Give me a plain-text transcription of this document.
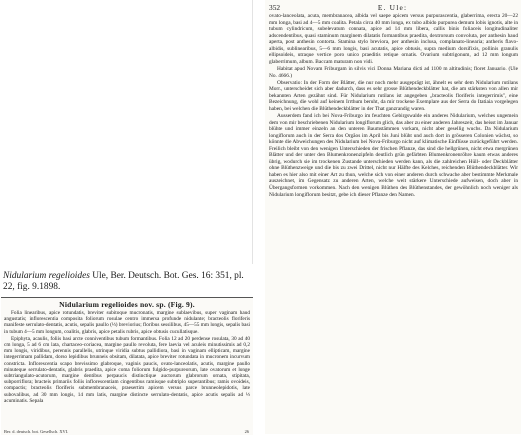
Nidularium regelioides Ule, Ber. Deutsch. Bot. Ges. 16: 351, pl. 22, fig. 9.1898.
Nidularium regelioides nov. sp. (Fig. 9).

Folia linearibus, apice rotundatis, breviter subitoque mucronatis, margine sublaevibus, super vaginam haud angustatis; inflorescentia composita foliorum rosulae centro immersa profunde nidulante; bracteolis floriferis manifeste serrulato-dentatis, acutis, sepalis paullo (⅓) breviorius; floribus sessilibus, 45—55 mm longis, sepalis basi in tubum 4—5 mm longum, coalitis, glabris, apice petalis rubris, apice obtusis cucullatisque.

Epiphyta, acaulis, foliis basi arcte conniventibus tubum formantibus. Folia 12 ad 20 perdense rosulata, 30 ad 40 cm longa, 5 ad 6 cm lata, chartaceo-coriacea, margine paullo revoluta, fere laevia vel aculeis minutissimis ad 0,2 mm longis, viridibus, perennis parallelis, utrinque viridia subtus pallidiora, basi in vaginam ellipticam, margine integerrimam pallidam, dorso lepidibus brunneis obsitam, dilatata, apice breviter rotundata in mucronem incurvum constricta. Inflorescentia scapo brevissimo glabroque, vaginis paucis, ovato-lanceolatis, acutis, margine paullo minuteque serrulato-dentatis, glabris praedita, apice coma foliorum fulgido-purpureorum, late ovatorum et longe subtriangulato-acutorum, margine dentibus perpaucis distinctique auctorum glabrorum ornata, stipitata, subporriflora; bracteis primariis foliis inflorescentiam cingentibus ramisque subtriplo superantibus; ramis ovoideis, compactis; bracteolis floriferis submembranaceis, praesertim apicem versus parce brunneolepidotis, late subovalibus, ad 30 mm longis, 14 mm latis, margine distincte serrulato-dentatis, apice acutis sepalis ad ⅓ acuminatis. Sepala

Ber. d. deutsch. bot. Gesellsch. XVI.	26
352	E. Ule:

ovato-lanceolata, acuta, membranacea, albida vel saepe apicem versus purpurascentia, glaberrima, erecta 20—22 mm longa, basi ad 4—5 mm coalita. Petala circa 40 mm longa, ex tubo albido purpurea demum lobis ignotis, alte in tubum cylindricum, subelevatum connata, apice ad 14 mm libera, callis binis foliaceis longitudinaliter adscendentibus, quasi staminum marginem dilatatis formantibus praedita, dextrorsum convoluta, per anthesin haud aperta, post anthesin contorta. Stamina stylo breviora, per anthesin inclusa, complanato-linearia; antheris flavo-albidis, sublinearibus, 5—6 mm longis, basi acutatis, apice obtusis, supra medium dorsifixis, pollinis granulis ellipsoideis, utraque vertice poro unico praeditis retique ornatis. Ovarium subtrigonum, ad 12 mm longum glaberrimum, album. Baccam maturam non vidi.

Habitat apud Novam Friburgam in silvis vici Donna Mariana dicti ad 1100 m altitudinis; floret Januario. (Ule No. 4666.)

Observatio: In der Form der Blätter, die nur noch mehr ausgeprägt ist, ähnelt es sehr dem Nidularium rutilans Morr., unterscheidet sich aber dadurch, dass es sehr grosse Blüthendeckblätter hat, die am stärksten von allen mir bekannten Arten gezähnt sind. Für Nidularium rutilans ist angegeben „bracteolis floriferis integerrimis", eine Bezeichnung, die wohl auf keinem Irrthum beruht, da mir trockene Exemplare aus der Serra do Itatiaia vorgelegen haben, bei welchen die Blüthendeckblätter in der That ganzrandig waren.

Ausserdem fand ich bei Nova-Friburgo im feuchten Gebirgswalde ein anderes Nidularium, welches ungemein dem von mir beschriebenen Nidularium longiflorum glich, das aber zu einer anderen Jahreszeit, das heisst im Januar blühte und immer einzeln an den unteren Baumstämmen vorkam, nicht aber gesellig wuchs. Da Nidularium longiflorum auch in der Serra dos Orgãos im April bis Juni blüht und auch dort in grösseren Colonien wächst, so könnte die Abweichungen des Nidularium bei Nova-Friburgo nicht auf klimatische Einflüsse zurückgeführt werden. Freilich bleibt von den wenigen Unterschieden der frischen Pflanze, das sind die hellgrünen, nicht etwa mergrünen Blätter und der unter den Blumenkronenzipfeln deutlich grün gefärbten Blumenkronenröhre kaum etwas anderes übrig, wodurch sie im trockenen Zustande unterschieden werden kann, als die zahlreichen Hüll- oder Deckblätter ohne Blüthenzweige und die bis zu zwei Drittel, nicht nur Hälfte des Kelches, reichenden Blüthendeckblätter. Wir haben es hier also mit einer Art zu thun, welche sich von einer anderen durch schwache aber bestimmte Merkmale auszeichnet, im Gegensatz zu anderen Arten, welche weit stärkere Unterschiede aufweisen, doch aber in Übergangsformen vorkommen. Nach den wenigen Blüthen des Blüthenstandes, der gewöhnlich noch weniger als Nidularium longiflorum besitzt, gebe ich dieser Pflanze den Namen.
